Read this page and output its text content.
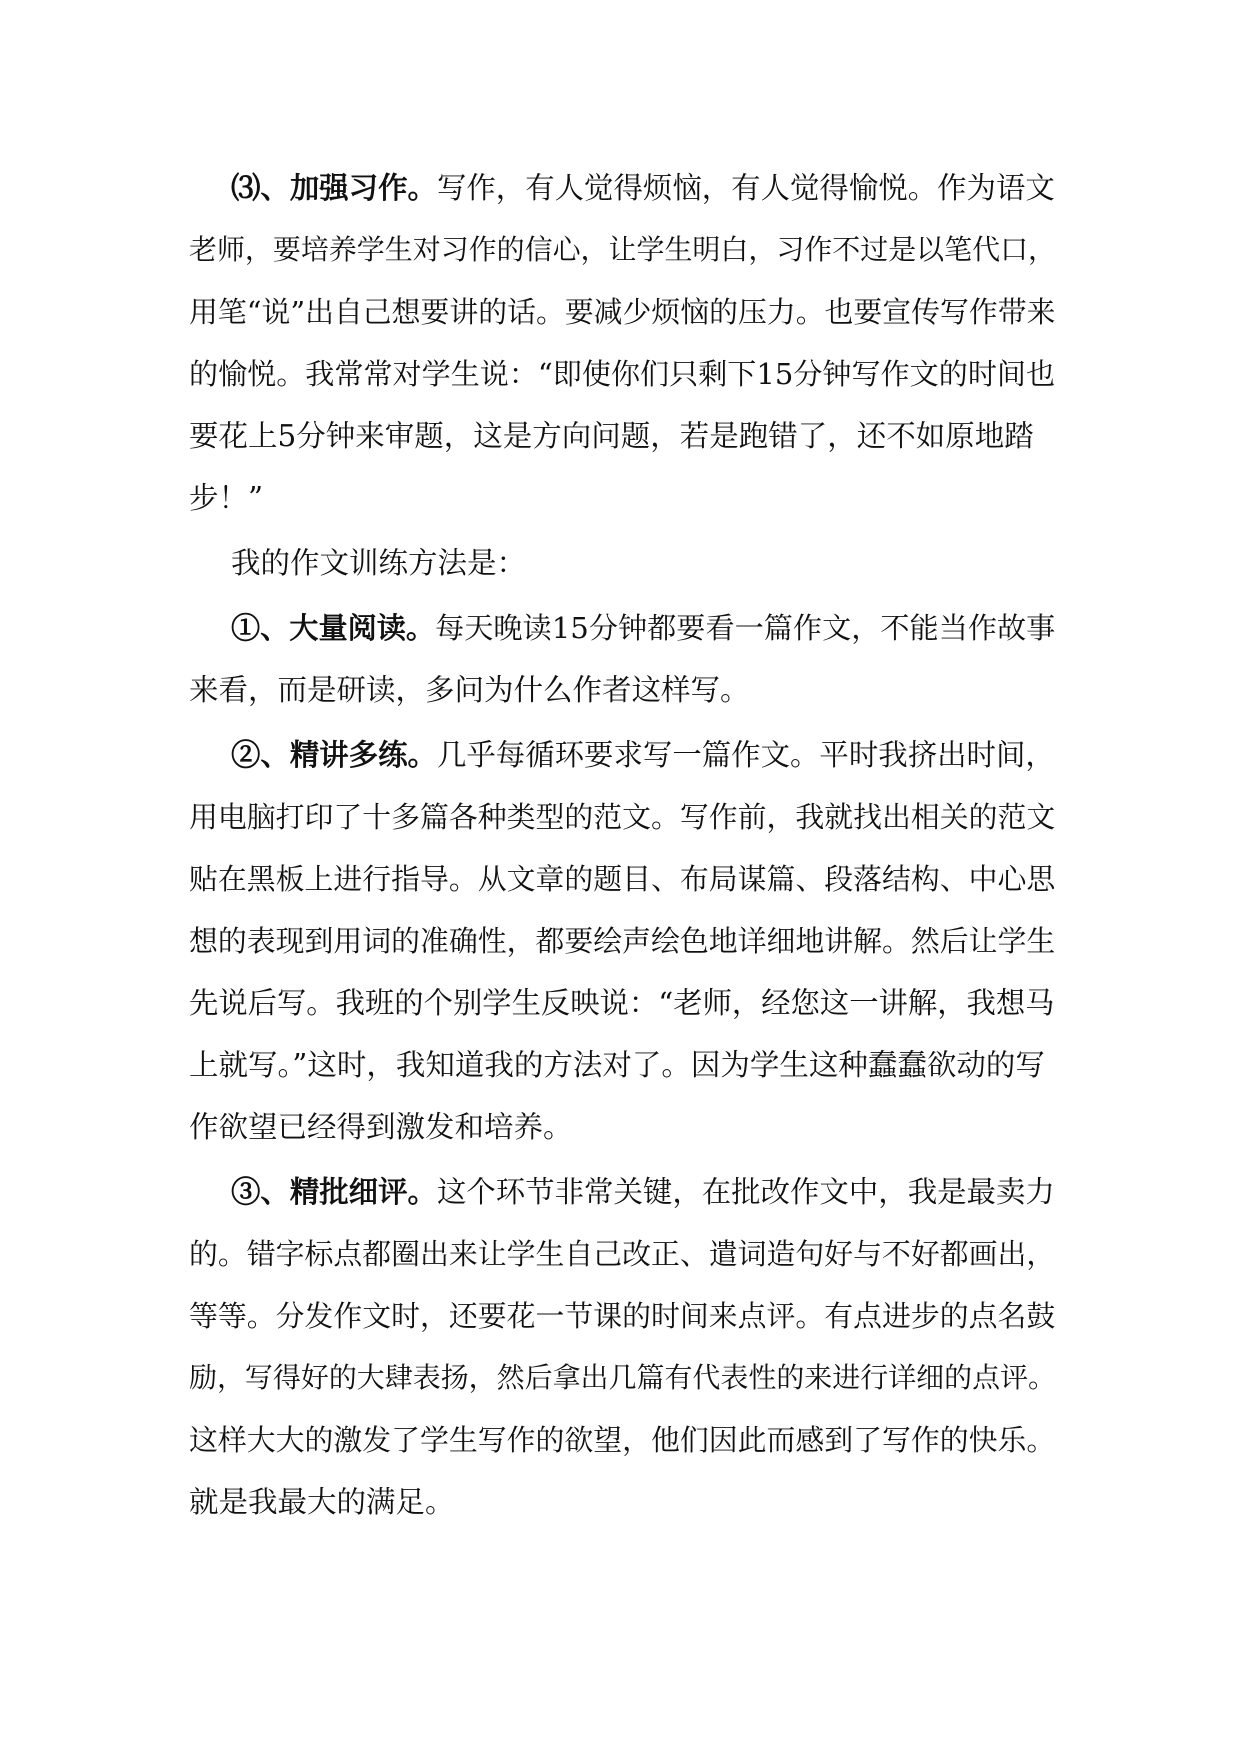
⑶、加强习作。写作，有人觉得烦恼，有人觉得愉悦。作为语文
老师，要培养学生对习作的信心，让学生明白，习作不过是以笔代口，
用笔“说”出自己想要讲的话。要减少烦恼的压力。也要宣传写作带来
的愉悦。我常常对学生说：“即使你们只剩下15分钟写作文的时间也
要花上5分钟来审题，这是方向问题，若是跑错了，还不如原地踏
步！”

我的作文训练方法是：

①、大量阅读。每天晚读15分钟都要看一篇作文，不能当作故事
来看，而是研读，多问为什么作者这样写。

②、精讲多练。几乎每循环要求写一篇作文。平时我挤出时间，
用电脑打印了十多篇各种类型的范文。写作前，我就找出相关的范文
贴在黑板上进行指导。从文章的题目、布局谋篇、段落结构、中心思
想的表现到用词的准确性，都要绘声绘色地详细地讲解。然后让学生
先说后写。我班的个别学生反映说：“老师，经您这一讲解，我想马
上就写。”这时，我知道我的方法对了。因为学生这种蠢蠢欲动的写
作欲望已经得到激发和培养。

③、精批细评。这个环节非常关键，在批改作文中，我是最卖力
的。错字标点都圈出来让学生自己改正、遣词造句好与不好都画出，
等等。分发作文时，还要花一节课的时间来点评。有点进步的点名鼓
励，写得好的大肆表扬，然后拿出几篇有代表性的来进行详细的点评。
这样大大的激发了学生写作的欲望，他们因此而感到了写作的快乐。
就是我最大的满足。
